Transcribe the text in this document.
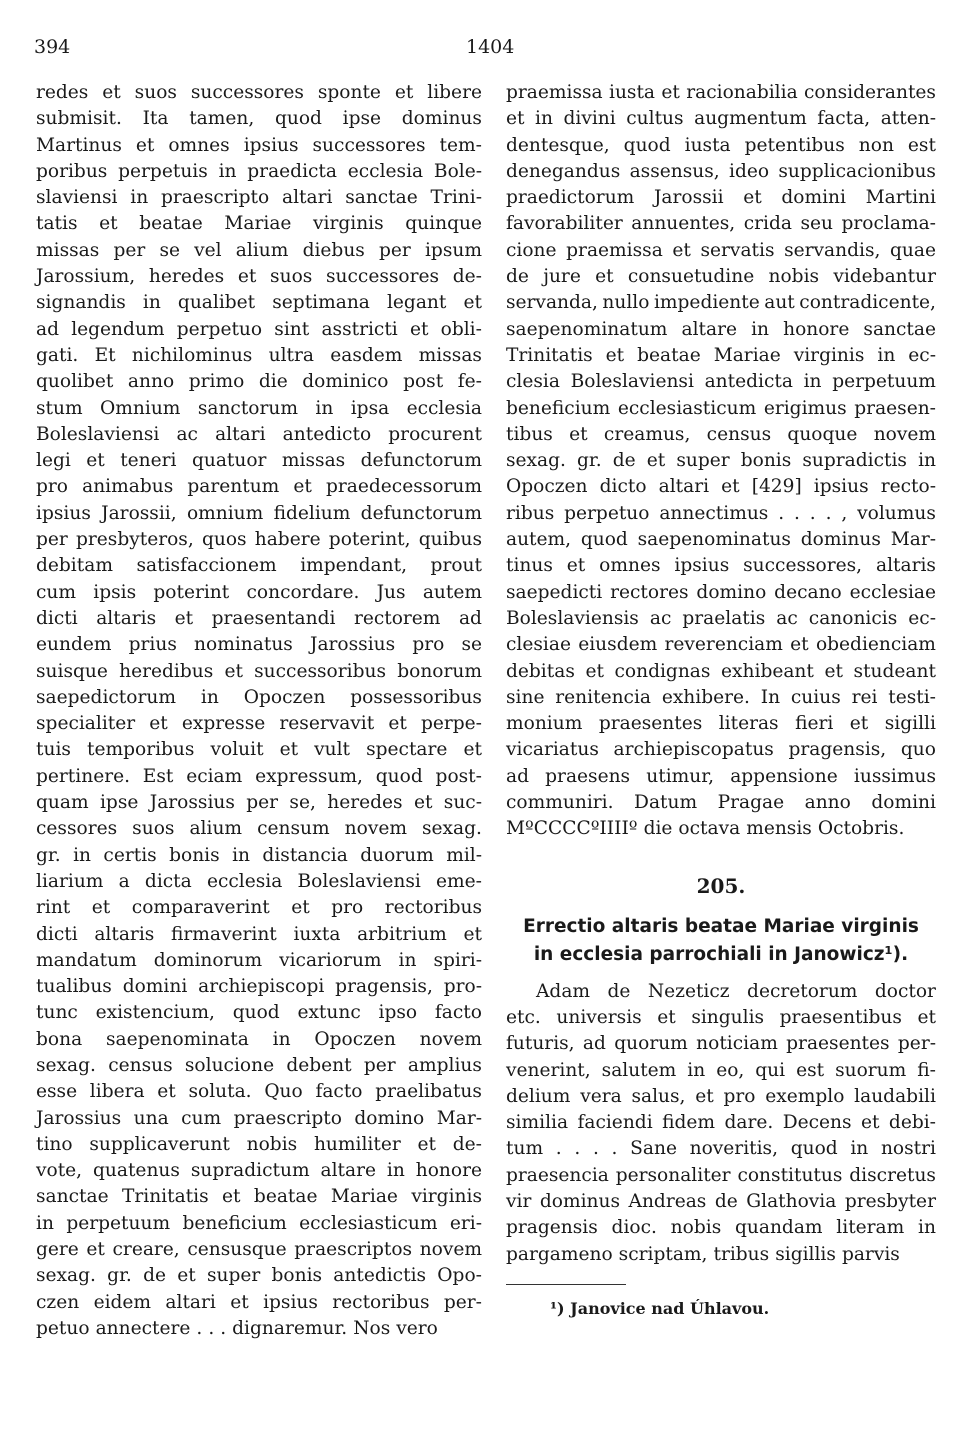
394	1404
redes et suos successores sponte et libere
submisit. Ita tamen, quod ipse dominus
Martinus et omnes ipsius successores tem-
poribus perpetuis in praedicta ecclesia Bole-
slaviensi in praescripto altari sanctae Trini-
tatis et beatae Mariae virginis quinque
missas per se vel alium diebus per ipsum
Jarossium, heredes et suos successores de-
signandis in qualibet septimana legant et
ad legendum perpetuo sint asstricti et obli-
gati. Et nichilominus ultra easdem missas
quolibet anno primo die dominico post fe-
stum Omnium sanctorum in ipsa ecclesia
Boleslaviensi ac altari antedicto procurent
legi et teneri quatuor missas defunctorum
pro animabus parentum et praedecessorum
ipsius Jarossii, omnium fidelium defunctorum
per presbyteros, quos habere poterint, quibus
debitam satisfaccionem impendant, prout
cum ipsis poterint concordare. Jus autem
dicti altaris et praesentandi rectorem ad
eundem prius nominatus Jarossius pro se
suisque heredibus et successoribus bonorum
saepedictorum in Opoczen possessoribus
specialiter et expresse reservavit et perpe-
tuis temporibus voluit et vult spectare et
pertinere. Est eciam expressum, quod post-
quam ipse Jarossius per se, heredes et suc-
cessores suos alium censum novem sexag.
gr. in certis bonis in distancia duorum mil-
liarium a dicta ecclesia Boleslaviensi eme-
rint et comparaverint et pro rectoribus
dicti altaris firmaverint iuxta arbitrium et
mandatum dominorum vicariorum in spiri-
tualibus domini archiepiscopi pragensis, pro-
tunc existencium, quod extunc ipso facto
bona saepenominata in Opoczen novem
sexag. census solucione debent per amplius
esse libera et soluta. Quo facto praelibatus
Jarossius una cum praescripto domino Mar-
tino supplicaverunt nobis humiliter et de-
vote, quatenus supradictum altare in honore
sanctae Trinitatis et beatae Mariae virginis
in perpetuum beneficium ecclesiasticum eri-
gere et creare, censusque praescriptos novem
sexag. gr. de et super bonis antedictis Opo-
czen eidem altari et ipsius rectoribus per-
petuo annectere . . . dignaremur. Nos vero
praemissa iusta et racionabilia considerantes
et in divini cultus augmentum facta, atten-
dentesque, quod iusta petentibus non est
denegandus assensus, ideo supplicacionibus
praedictorum Jarossii et domini Martini
favorabiliter annuentes, crida seu proclama-
cione praemissa et servatis servandis, quae
de jure et consuetudine nobis videbantur
servanda, nullo impediente aut contradicente,
saepenominatum altare in honore sanctae
Trinitatis et beatae Mariae virginis in ec-
clesia Boleslaviensi antedicta in perpetuum
beneficium ecclesiasticum erigimus praesen-
tibus et creamus, census quoque novem
sexag. gr. de et super bonis supradictis in
Opoczen dicto altari et [429] ipsius recto-
ribus perpetuo annectimus . . . . , volumus
autem, quod saepenominatus dominus Mar-
tinus et omnes ipsius successores, altaris
saepedicti rectores domino decano ecclesiae
Boleslaviensis ac praelatis ac canonicis ec-
clesiae eiusdem reverenciam et obedienciam
debitas et condignas exhibeant et studeant
sine renitencia exhibere. In cuius rei testi-
monium praesentes literas fieri et sigilli
vicariatus archiepiscopatus pragensis, quo
ad praesens utimur, appensione iussimus
communiri. Datum Pragae anno domini
MºCCCCºIIIIº die octava mensis Octobris.
205.
Errectio altaris beatae Mariae virginis
in ecclesia parrochiali in Janowicz¹).
Adam de Nezeticz decretorum doctor
etc. universis et singulis praesentibus et
futuris, ad quorum noticiam praesentes per-
venerint, salutem in eo, qui est suorum fi-
delium vera salus, et pro exemplo laudabili
similia faciendi fidem dare. Decens et debi-
tum . . . . Sane noveritis, quod in nostri
praesencia personaliter constitutus discretus
vir dominus Andreas de Glathovia presbyter
pragensis dioc. nobis quandam literam in
pargameno scriptam, tribus sigillis parvis
¹) Janovice nad Úhlavou.
